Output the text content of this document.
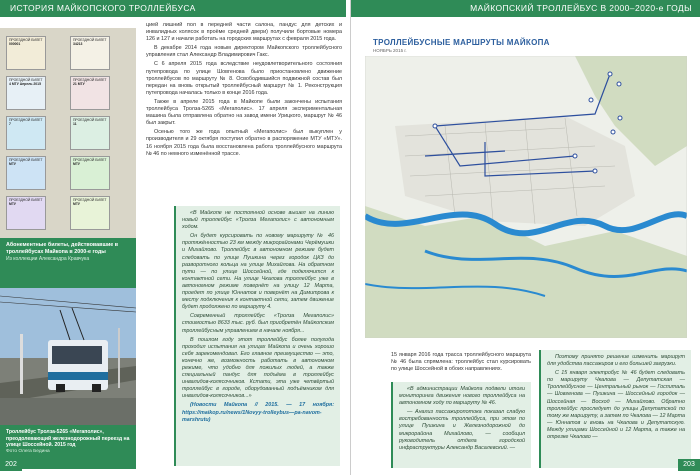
ИСТОРИЯ МАЙКОПСКОГО ТРОЛЛЕЙБУСА
ПРОЕЗДНОЙ БИЛЕТ
000001
ПРОЕЗДНОЙ БИЛЕТ
34213
ПРОЕЗДНОЙ БИЛЕТ
4 МТУ Апрель 2015
ПРОЕЗДНОЙ БИЛЕТ
21 МТУ
ПРОЕЗДНОЙ БИЛЕТ
7
ПРОЕЗДНОЙ БИЛЕТ
11
ПРОЕЗДНОЙ БИЛЕТ
МТУ
ПРОЕЗДНОЙ БИЛЕТ
МТУ
ПРОЕЗДНОЙ БИЛЕТ
МТУ
ПРОЕЗДНОЙ БИЛЕТ
МТУ
Абонементные билеты, действовавшие в троллейбусах Майкопа в 2000-е годы
Из коллекции Александра Кравчука
Троллейбус Тролза-5265 «Мегаполис», преодолевающий железнодорожный переезд на улице Шоссейной. 2015 год
Фото Олега Бедина

цией лишний пол в передней части салона, пандус для детских и инвалидных колясок в проёме средней двери) получили бортовые номера 126 и 127 и начали работать на городских маршрутах с февраля 2015 года.

В декабре 2014 года новым директором Майкопского троллейбусного управления стал Александр Владимирович Гакс.

С 6 апреля 2015 года вследствие неудовлетворительного состояния путепровода по улице Шовгенова было приостановлено движение троллейбусов по маршруту № 8. Освободившийся подвижной состав был передан на вновь открытый троллейбусный маршрут № 1. Реконструкция путепровода началась только в конце 2016 года.

Также в апреле 2015 года в Майкопе были закончены испытания троллейбуса Тролза-5265 «Мегаполис». 17 апреля экспериментальная машина была отправлена обратно на завод имени Урицкого, маршрут № 46 был закрыт.

Осенью того же года опытный «Мегаполис» был выкуплен у производителя и 29 октября поступил обратно в распоряжение МТУ «МТУ». 16 ноября 2015 года была восстановлена работа троллейбусного маршрута № 46 по немного изменённой трассе.

«В Майкопе не постоянной основе вышел на линию новый троллейбус «Тролза Мегаполис» с автономным ходом.

Он будет курсировать по новому маршруту № 46 протяжённостью 23 км между микрорайонами Черёмушки и Михайлово. Троллейбус в автономном режиме будет следовать по улице Пушкина через городок ЦКЗ до разворотного кольца на улице Михайлова. На обратном пути — по улице Шоссейной, где подключится к контактной сети. На улице Чкалова троллейбус уже в автономном режиме повернёт на улицу 12 Марта, проедет по улице Юннатов и повернёт на Димитрова к месту подключения к контактной сети, затем движение будет продолжено по маршруту 4.

Современный троллейбус «Тролза Мегаполис» стоимостью 8633 тыс. руб. был приобретён Майкопским троллейбусным управлением в начале ноября...

В пошлом году этот троллейбус более полугода проходил испытания на улицах Майкопа и очень хорошо себя зарекомендовал. Его главное преимущество — это, конечно же, возможность работать в автономном режиме, что удобно для пожилых людей, а также специальный пандус для подъёма в троллейбус инвалидов-колясочников. Кстати, эта уже четвёртый троллейбус в городе, оборудованный подъёмником для инвалидов-колясочников...»

(Новости Майкопа // 2015. — 17 ноября: https://maikop.ru/news/1Novyy-trolleybus—pa-navom-marshrutu)

202
МАЙКОПСКИЙ ТРОЛЛЕЙБУС В 2000–2020-е ГОДЫ
ТРОЛЛЕЙБУСНЫЕ МАРШРУТЫ МАЙКОПА
НОЯБРЬ 2015 г.
15 января 2016 года трасса троллейбусного маршрута № 46 была спрямлена: троллейбус стал курсировать по улице Шоссейной в обоих направлениях.

«В администрации Майкопа подвели итоги мониторинга движения нового троллейбуса на автономном ходу по маршруту № 46.

— Анализ пассажиропотока показал слабую востребованность троллейбуса, при этом по улице Пушкина и Железнодорожной до микрорайона Михайлово, — сообщил руководитель отдела городской инфраструктуры Александр Васалевский. —

Поэтому принято решение изменить маршрут для удобства пассажиров и его большей загрузки.

С 15 января электробус № 46 будет следовать по маршруту Чкалова — Депутатская — Троллейбусное — Центральный рынок — Госпиталь — Шовгенова — Пушкина — Шоссейный городок — Шоссейная — Восход — Михайлово. Обратно троллейбус проследует до улицы Депутатской по тому же маршруту, а затем по Чкалова — 12 Марта — Юннатов и вновь на Чкалова и Депутатскую. Между улицами Шоссейной и 12 Марта, а также на отрезке Чкалово —

203
